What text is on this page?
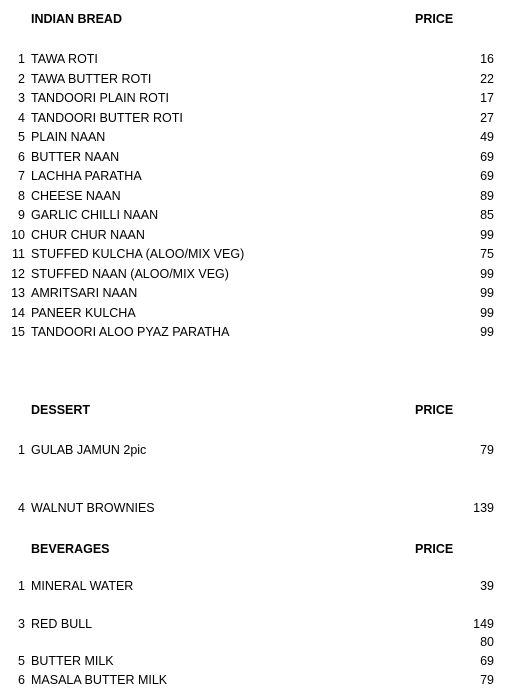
INDIAN BREAD	PRICE
1 TAWA ROTI	16
2 TAWA BUTTER ROTI	22
3 TANDOORI PLAIN ROTI	17
4 TANDOORI BUTTER ROTI	27
5 PLAIN NAAN	49
6 BUTTER NAAN	69
7 LACHHA PARATHA	69
8 CHEESE NAAN	89
9 GARLIC CHILLI NAAN	85
10 CHUR CHUR NAAN	99
11 STUFFED KULCHA (ALOO/MIX VEG)	75
12 STUFFED NAAN (ALOO/MIX VEG)	99
13 AMRITSARI NAAN	99
14 PANEER KULCHA	99
15 TANDOORI ALOO PYAZ PARATHA	99
DESSERT	PRICE
1 GULAB JAMUN 2pic	79
4 WALNUT BROWNIES	139
BEVERAGES	PRICE
1 MINERAL WATER	39
3 RED BULL	149
80
5 BUTTER MILK	69
6 MASALA BUTTER MILK	79
